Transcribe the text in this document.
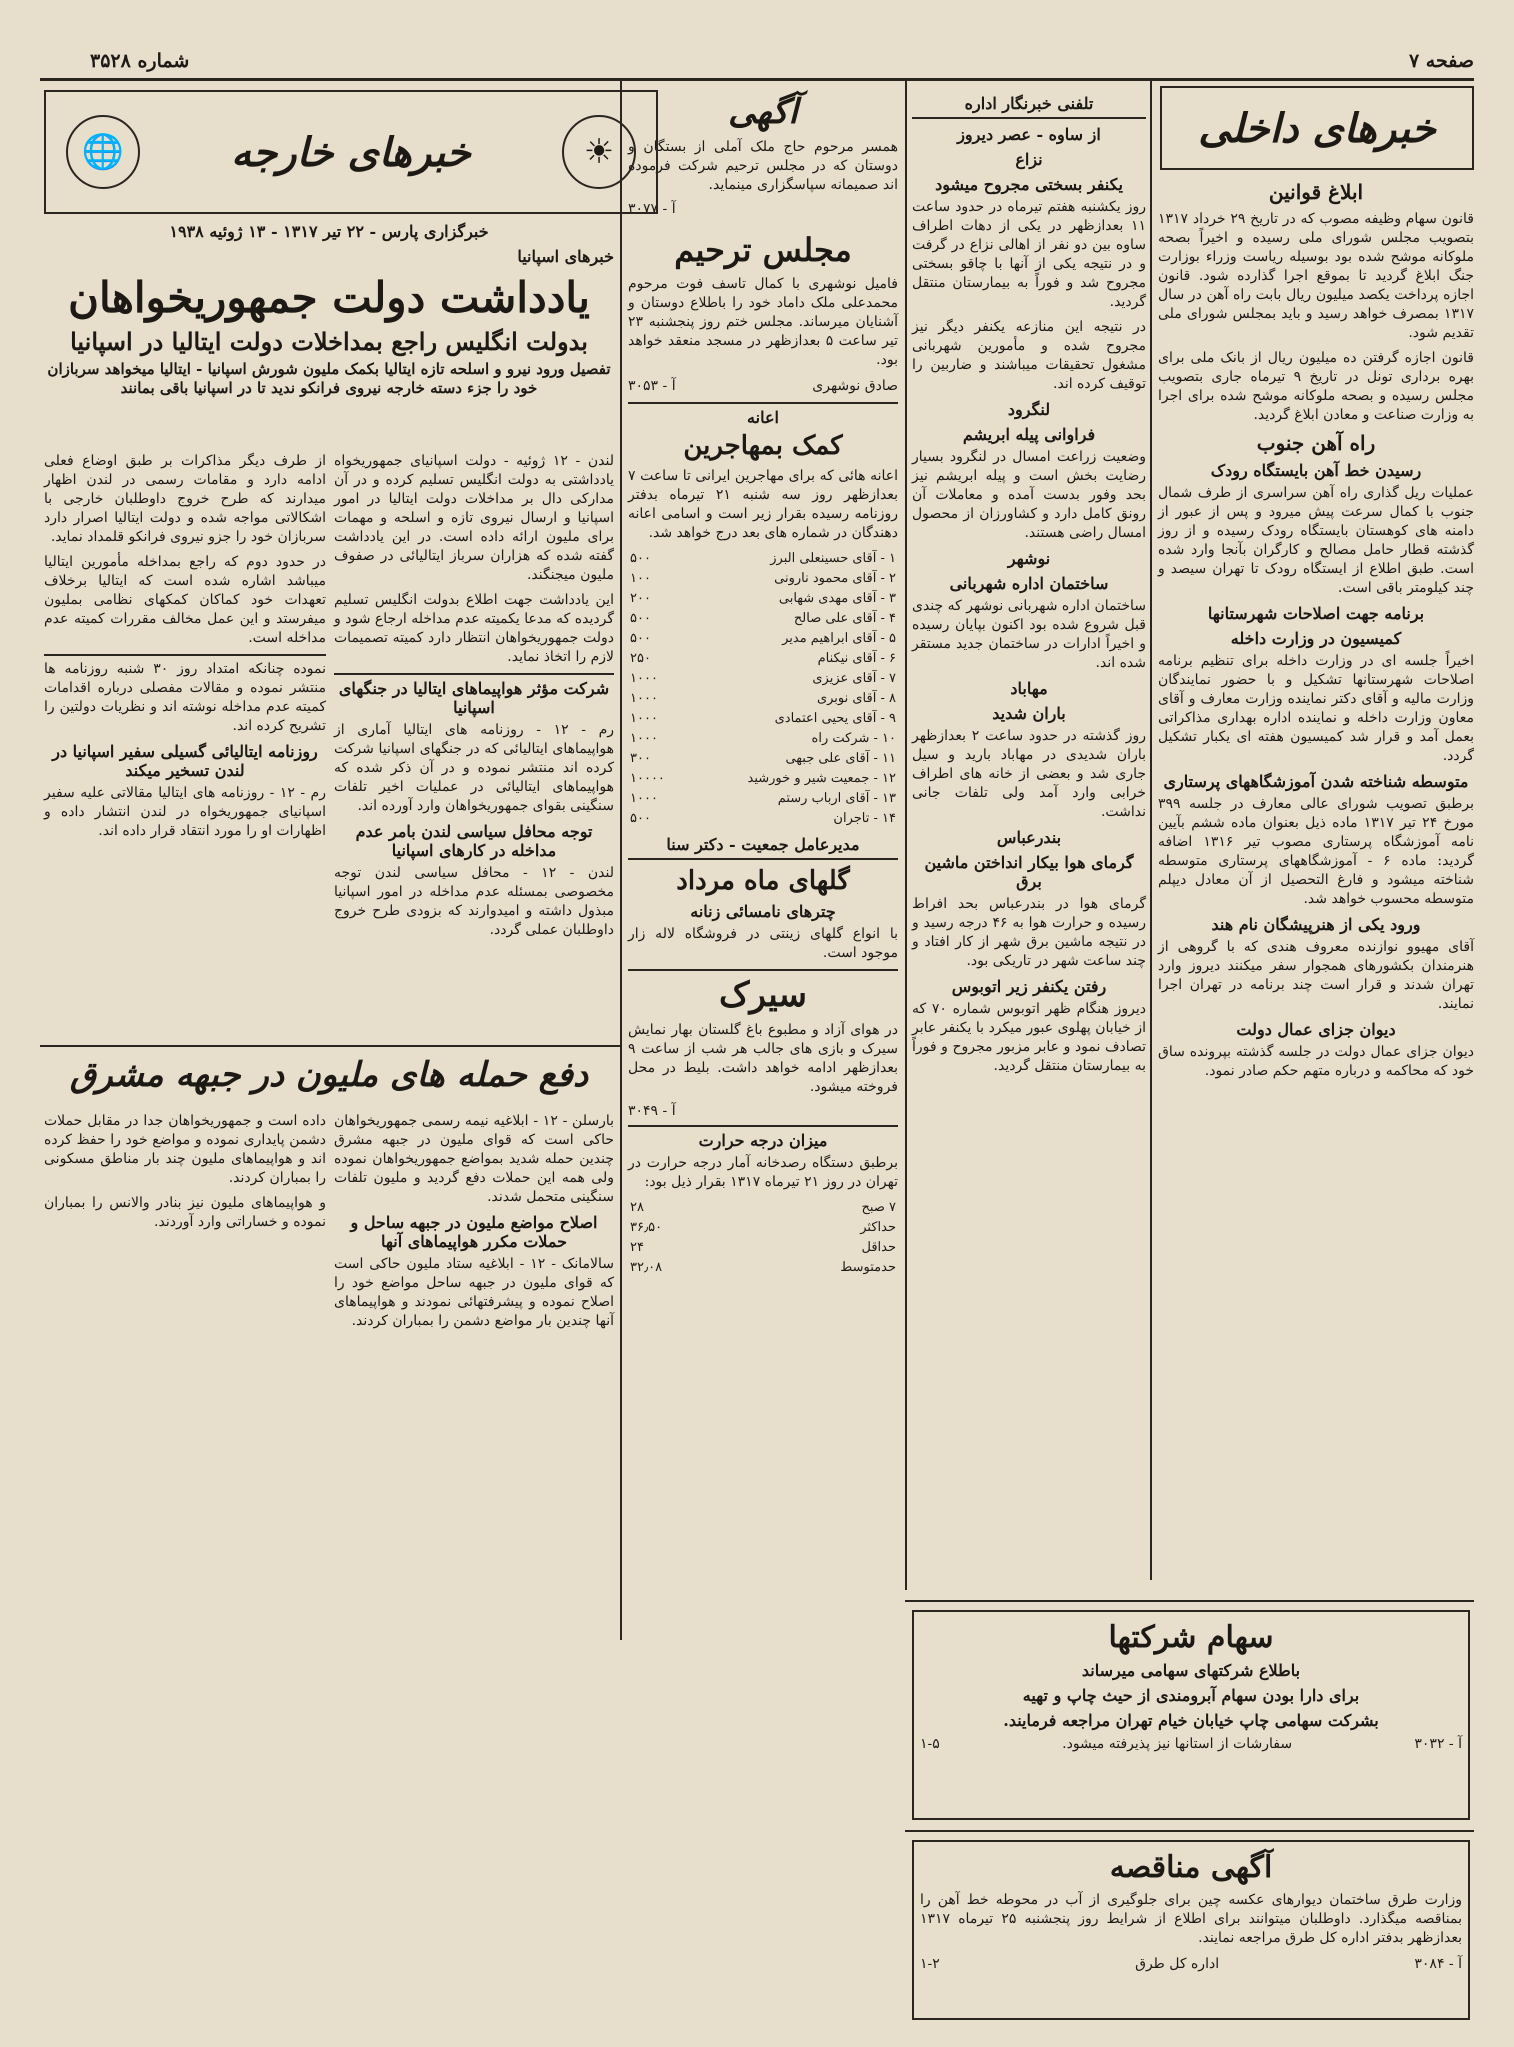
صفحه ۷
شماره ۳۵۲۸
خبرهای داخلی
ابلاغ قوانین
قانون سهام وظیفه مصوب که در تاریخ ۲۹ خرداد ۱۳۱۷ بتصویب مجلس شورای ملی رسیده و اخیراً بصحه ملوکانه موشح شده بود بوسیله ریاست وزراء بوزارت جنگ ابلاغ گردید تا بموقع اجرا گذارده شود. قانون اجازه پرداخت یکصد میلیون ریال بابت راه آهن در سال ۱۳۱۷ بمصرف خواهد رسید و باید بمجلس شورای ملی تقدیم شود.
قانون اجازه گرفتن ده میلیون ریال از بانک ملی برای بهره برداری تونل در تاریخ ۹ تیرماه جاری بتصویب مجلس رسیده و بصحه ملوکانه موشح شده برای اجرا به وزارت صناعت و معادن ابلاغ گردید.
راه آهن جنوب
رسیدن خط آهن بایستگاه رودک
عملیات ریل گذاری راه آهن سراسری از طرف شمال جنوب با کمال سرعت پیش میرود و پس از عبور از دامنه های کوهستان بایستگاه رودک رسیده و از روز گذشته قطار حامل مصالح و کارگران بآنجا وارد شده است. طبق اطلاع از ایستگاه رودک تا تهران سیصد و چند کیلومتر باقی است.
برنامه جهت اصلاحات شهرستانها
کمیسیون در وزارت داخله
اخیراً جلسه ای در وزارت داخله برای تنظیم برنامه اصلاحات شهرستانها تشکیل و با حضور نمایندگان وزارت مالیه و آقای دکتر نماینده وزارت معارف و آقای معاون وزارت داخله و نماینده اداره بهداری مذاکراتی بعمل آمد و قرار شد کمیسیون هفته ای یکبار تشکیل گردد.
متوسطه شناخته شدن آموزشگاههای پرستاری
برطبق تصویب شورای عالی معارف در جلسه ۳۹۹ مورخ ۲۴ تیر ۱۳۱۷ ماده ذیل بعنوان ماده ششم بآیین نامه آموزشگاه پرستاری مصوب تیر ۱۳۱۶ اضافه گردید: ماده ۶ - آموزشگاههای پرستاری متوسطه شناخته میشود و فارغ التحصیل از آن معادل دیپلم متوسطه محسوب خواهد شد.
ورود یکی از هنرپیشگان نام هند
آقای مهیوو نوازنده معروف هندی که با گروهی از هنرمندان بکشورهای همجوار سفر میکنند دیروز وارد تهران شدند و قرار است چند برنامه در تهران اجرا نمایند.
دیوان جزای عمال دولت
دیوان جزای عمال دولت در جلسه گذشته بپرونده ساق خود که محاکمه و درباره متهم حکم صادر نمود.
تلفنی خبرنگار اداره
از ساوه - عصر دیروز
نزاع
یکنفر بسختی مجروح میشود
روز یکشنبه هفتم تیرماه در حدود ساعت ۱۱ بعدازظهر در یکی از دهات اطراف ساوه بین دو نفر از اهالی نزاع در گرفت و در نتیجه یکی از آنها با چاقو بسختی مجروح شد و فوراً به بیمارستان منتقل گردید.
در نتیجه این منازعه یکنفر دیگر نیز مجروح شده و مأمورین شهربانی مشغول تحقیقات میباشند و ضاربین را توقیف کرده اند.
لنگرود
فراوانی پیله ابریشم
وضعیت زراعت امسال در لنگرود بسیار رضایت بخش است و پیله ابریشم نیز بحد وفور بدست آمده و معاملات آن رونق کامل دارد و کشاورزان از محصول امسال راضی هستند.
نوشهر
ساختمان اداره شهربانی
ساختمان اداره شهربانی نوشهر که چندی قبل شروع شده بود اکنون بپایان رسیده و اخیراً ادارات در ساختمان جدید مستقر شده اند.
مهاباد
باران شدید
روز گذشته در حدود ساعت ۲ بعدازظهر باران شدیدی در مهاباد بارید و سیل جاری شد و بعضی از خانه های اطراف خرابی وارد آمد ولی تلفات جانی نداشت.
بندرعباس
گرمای هوا بیکار انداختن ماشین برق
گرمای هوا در بندرعباس بحد افراط رسیده و حرارت هوا به ۴۶ درجه رسید و در نتیجه ماشین برق شهر از کار افتاد و چند ساعت شهر در تاریکی بود.
رفتن یکنفر زیر اتوبوس
دیروز هنگام ظهر اتوبوس شماره ۷۰ که از خیابان پهلوی عبور میکرد با یکنفر عابر تصادف نمود و عابر مزبور مجروح و فوراً به بیمارستان منتقل گردید.
آگهی
همسر مرحوم حاج ملک آملی از بستگان و دوستان که در مجلس ترحیم شرکت فرموده اند صمیمانه سپاسگزاری مینماید.
آ - ۳۰۷۷
مجلس ترحیم
فامیل نوشهری با کمال تاسف فوت مرحوم محمدعلی ملک داماد خود را باطلاع دوستان و آشنایان میرساند. مجلس ختم روز پنجشنبه ۲۳ تیر ساعت ۵ بعدازظهر در مسجد منعقد خواهد بود.
صادق نوشهری
آ - ۳۰۵۳
اعانه
کمک بمهاجرین
اعانه هائی که برای مهاجرین ایرانی تا ساعت ۷ بعدازظهر روز سه شنبه ۲۱ تیرماه بدفتر روزنامه رسیده بقرار زیر است و اسامی اعانه دهندگان در شماره های بعد درج خواهد شد.
۱ - آقای حسینعلی البرز	۵۰۰
۲ - آقای محمود نارونی	۱۰۰
۳ - آقای مهدی شهابی	۲۰۰
۴ - آقای علی صالح	۵۰۰
۵ - آقای ابراهیم مدیر	۵۰۰
۶ - آقای نیکنام	۲۵۰
۷ - آقای عزیزی	۱۰۰۰
۸ - آقای نوبری	۱۰۰۰
۹ - آقای یحیی اعتمادی	۱۰۰۰
۱۰ - شرکت راه	۱۰۰۰
۱۱ - آقای علی جبهی	۳۰۰
۱۲ - جمعیت شیر و خورشید	۱۰۰۰۰
۱۳ - آقای ارباب رستم	۱۰۰۰
۱۴ - تاجران	۵۰۰
مدیرعامل جمعیت - دکتر سنا
گلهای ماه مرداد
چترهای نامسائی زنانه
با انواع گلهای زینتی در فروشگاه لاله زار موجود است.
سیرک
در هوای آزاد و مطبوع باغ گلستان بهار نمایش سیرک و بازی های جالب هر شب از ساعت ۹ بعدازظهر ادامه خواهد داشت. بلیط در محل فروخته میشود.
آ - ۳۰۴۹
میزان درجه حرارت
برطبق دستگاه رصدخانه آمار درجه حرارت در تهران در روز ۲۱ تیرماه ۱۳۱۷ بقرار ذیل بود:
۷ صبح	۲۸
حداکثر	۳۶٫۵۰
حداقل	۲۴
حدمتوسط	۳۲٫۰۸
☀
خبرهای خارجه
🌐
خبرگزاری پارس - ۲۲ تیر ۱۳۱۷ - ۱۳ ژوئیه ۱۹۳۸
خبرهای اسپانیا
یادداشت دولت جمهوریخواهان
بدولت انگلیس راجع بمداخلات دولت ایتالیا در اسپانیا
تفصیل ورود نیرو و اسلحه تازه ایتالیا بکمک ملیون شورش اسپانیا - ایتالیا میخواهد سربازان خود را جزء دسته خارجه نیروی فرانکو ندید تا در اسپانیا باقی بمانند
لندن - ۱۲ ژوئیه - دولت اسپانیای جمهوریخواه یادداشتی به دولت انگلیس تسلیم کرده و در آن مدارکی دال بر مداخلات دولت ایتالیا در امور اسپانیا و ارسال نیروی تازه و اسلحه و مهمات برای ملیون ارائه داده است. در این یادداشت گفته شده که هزاران سرباز ایتالیائی در صفوف ملیون میجنگند.
این یادداشت جهت اطلاع بدولت انگلیس تسلیم گردیده که مدعا یکمیته عدم مداخله ارجاع شود و دولت جمهوریخواهان انتظار دارد کمیته تصمیمات لازم را اتخاذ نماید.
شرکت مؤثر هواپیماهای ایتالیا در جنگهای اسپانیا
رم - ۱۲ - روزنامه های ایتالیا آماری از هواپیماهای ایتالیائی که در جنگهای اسپانیا شرکت کرده اند منتشر نموده و در آن ذکر شده که هواپیماهای ایتالیائی در عملیات اخیر تلفات سنگینی بقوای جمهوریخواهان وارد آورده اند.
توجه محافل سیاسی لندن بامر عدم مداخله در کارهای اسپانیا
لندن - ۱۲ - محافل سیاسی لندن توجه مخصوصی بمسئله عدم مداخله در امور اسپانیا مبذول داشته و امیدوارند که بزودی طرح خروج داوطلبان عملی گردد.
از طرف دیگر مذاکرات بر طبق اوضاع فعلی ادامه دارد و مقامات رسمی در لندن اظهار میدارند که طرح خروج داوطلبان خارجی با اشکالاتی مواجه شده و دولت ایتالیا اصرار دارد سربازان خود را جزو نیروی فرانکو قلمداد نماید.
در حدود دوم که راجع بمداخله مأمورین ایتالیا میباشد اشاره شده است که ایتالیا برخلاف تعهدات خود کماکان کمکهای نظامی بملیون میفرستد و این عمل مخالف مقررات کمیته عدم مداخله است.
نموده چنانکه امتداد روز ۳۰ شنبه روزنامه ها منتشر نموده و مقالات مفصلی درباره اقدامات کمیته عدم مداخله نوشته اند و نظریات دولتین را تشریح کرده اند.
روزنامه ایتالیائی گسیلی سفیر اسپانیا در لندن تسخیر میکند
رم - ۱۲ - روزنامه های ایتالیا مقالاتی علیه سفیر اسپانیای جمهوریخواه در لندن انتشار داده و اظهارات او را مورد انتقاد قرار داده اند.
دفع حمله های ملیون در جبهه مشرق
بارسلن - ۱۲ - ابلاغیه نیمه رسمی جمهوریخواهان حاکی است که قوای ملیون در جبهه مشرق چندین حمله شدید بمواضع جمهوریخواهان نموده ولی همه این حملات دفع گردید و ملیون تلفات سنگینی متحمل شدند.
اصلاح مواضع ملیون در جبهه ساحل و حملات مکرر هواپیماهای آنها
سالامانک - ۱۲ - ابلاغیه ستاد ملیون حاکی است که قوای ملیون در جبهه ساحل مواضع خود را اصلاح نموده و پیشرفتهائی نمودند و هواپیماهای آنها چندین بار مواضع دشمن را بمباران کردند.
داده است و جمهوریخواهان جدا در مقابل حملات دشمن پایداری نموده و مواضع خود را حفظ کرده اند و هواپیماهای ملیون چند بار مناطق مسکونی را بمباران کردند.
و هواپیماهای ملیون نیز بنادر والانس را بمباران نموده و خساراتی وارد آوردند.
سهام شرکتها
باطلاع شرکتهای سهامی میرساند
برای دارا بودن سهام آبرومندی از حیث چاپ و تهیه
بشرکت سهامی چاپ خیابان خیام تهران مراجعه فرمایند.
آ - ۳۰۳۲
سفارشات از استانها نیز پذیرفته میشود.
۱-۵
آگهی مناقصه
وزارت طرق ساختمان دیوارهای عکسه چین برای جلوگیری از آب در محوطه خط آهن را بمناقصه میگذارد. داوطلبان میتوانند برای اطلاع از شرایط روز پنجشنبه ۲۵ تیرماه ۱۳۱۷ بعدازظهر بدفتر اداره کل طرق مراجعه نمایند.
آ - ۳۰۸۴
اداره کل طرق
۱-۲
